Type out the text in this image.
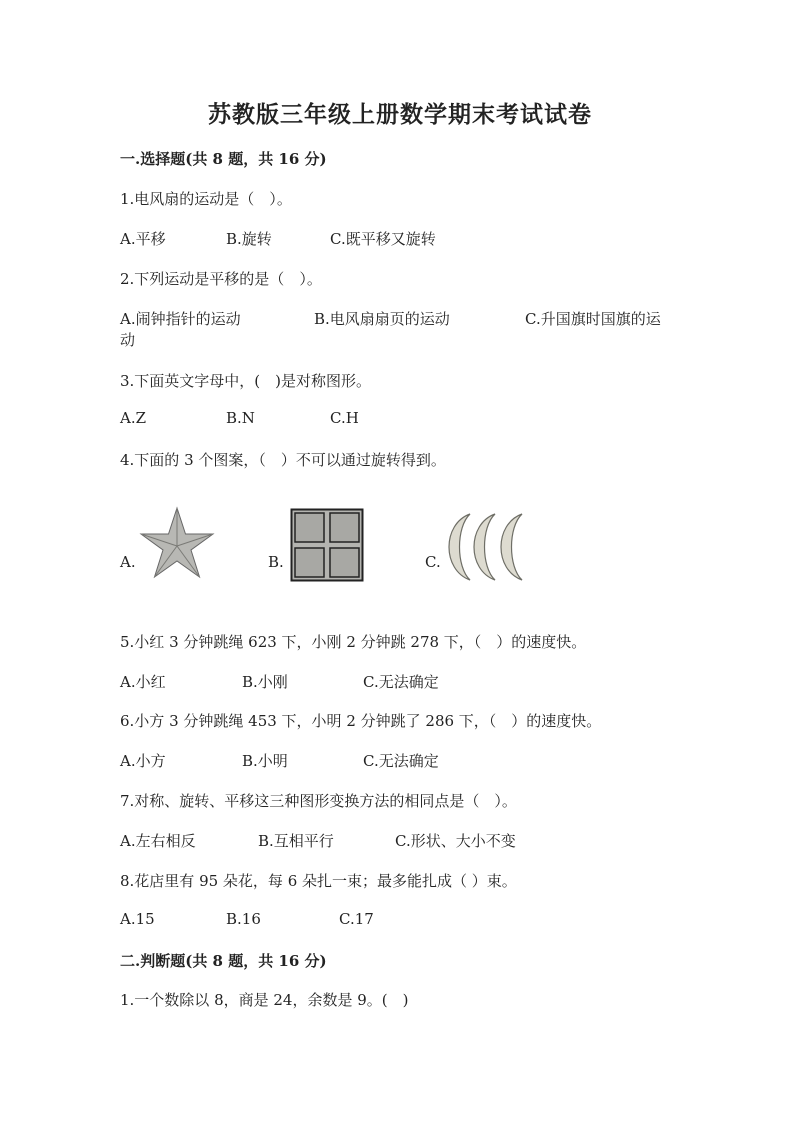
苏教版三年级上册数学期末考试试卷
一.选择题(共 8 题，共 16 分)
1.电风扇的运动是（　）。
A.平移	B.旋转	C.既平移又旋转
2.下列运动是平移的是（　）。
A.闹钟指针的运动	B.电风扇扇页的运动	C.升国旗时国旗的运
动
3.下面英文字母中，(　)是对称图形。
A.Z	B.N	C.H
4.下面的 3 个图案，（　）不可以通过旋转得到。
A.	B.	C.
5.小红 3 分钟跳绳 623 下，小刚 2 分钟跳 278 下，（　）的速度快。
A.小红	B.小刚	C.无法确定
6.小方 3 分钟跳绳 453 下，小明 2 分钟跳了 286 下，（　）的速度快。
A.小方	B.小明	C.无法确定
7.对称、旋转、平移这三种图形变换方法的相同点是（　）。
A.左右相反	B.互相平行	C.形状、大小不变
8.花店里有 95 朵花，每 6 朵扎一束；最多能扎成（ ）束。
A.15	B.16	C.17
二.判断题(共 8 题，共 16 分)
1.一个数除以 8，商是 24，余数是 9。(　)
